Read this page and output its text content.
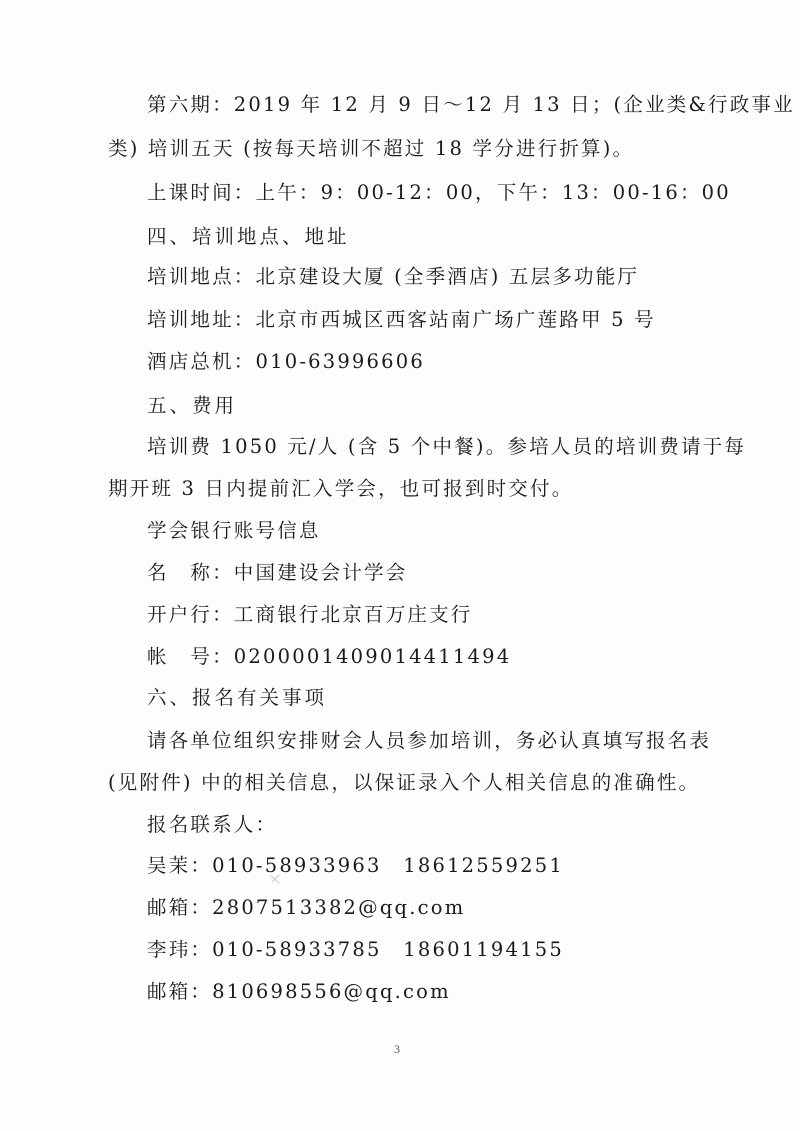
第六期：2019 年 12 月 9 日～12 月 13 日；(企业类&行政事业
类) 培训五天 (按每天培训不超过 18 学分进行折算)。
上课时间：上午：9：00-12：00，下午：13：00-16：00
四、培训地点、地址
培训地点：北京建设大厦 (全季酒店) 五层多功能厅
培训地址：北京市西城区西客站南广场广莲路甲 5 号
酒店总机：010-63996606
五、费用
培训费 1050 元/人 (含 5 个中餐)。参培人员的培训费请于每
期开班 3 日内提前汇入学会，也可报到时交付。
学会银行账号信息
名　称：中国建设会计学会
开户行：工商银行北京百万庄支行
帐　号：0200001409014411494
六、报名有关事项
请各单位组织安排财会人员参加培训，务必认真填写报名表
(见附件) 中的相关信息，以保证录入个人相关信息的准确性。
报名联系人：
吴茉：010-58933963　18612559251
邮箱：2807513382@qq.com
李玮：010-58933785　18601194155
邮箱：810698556@qq.com
3
